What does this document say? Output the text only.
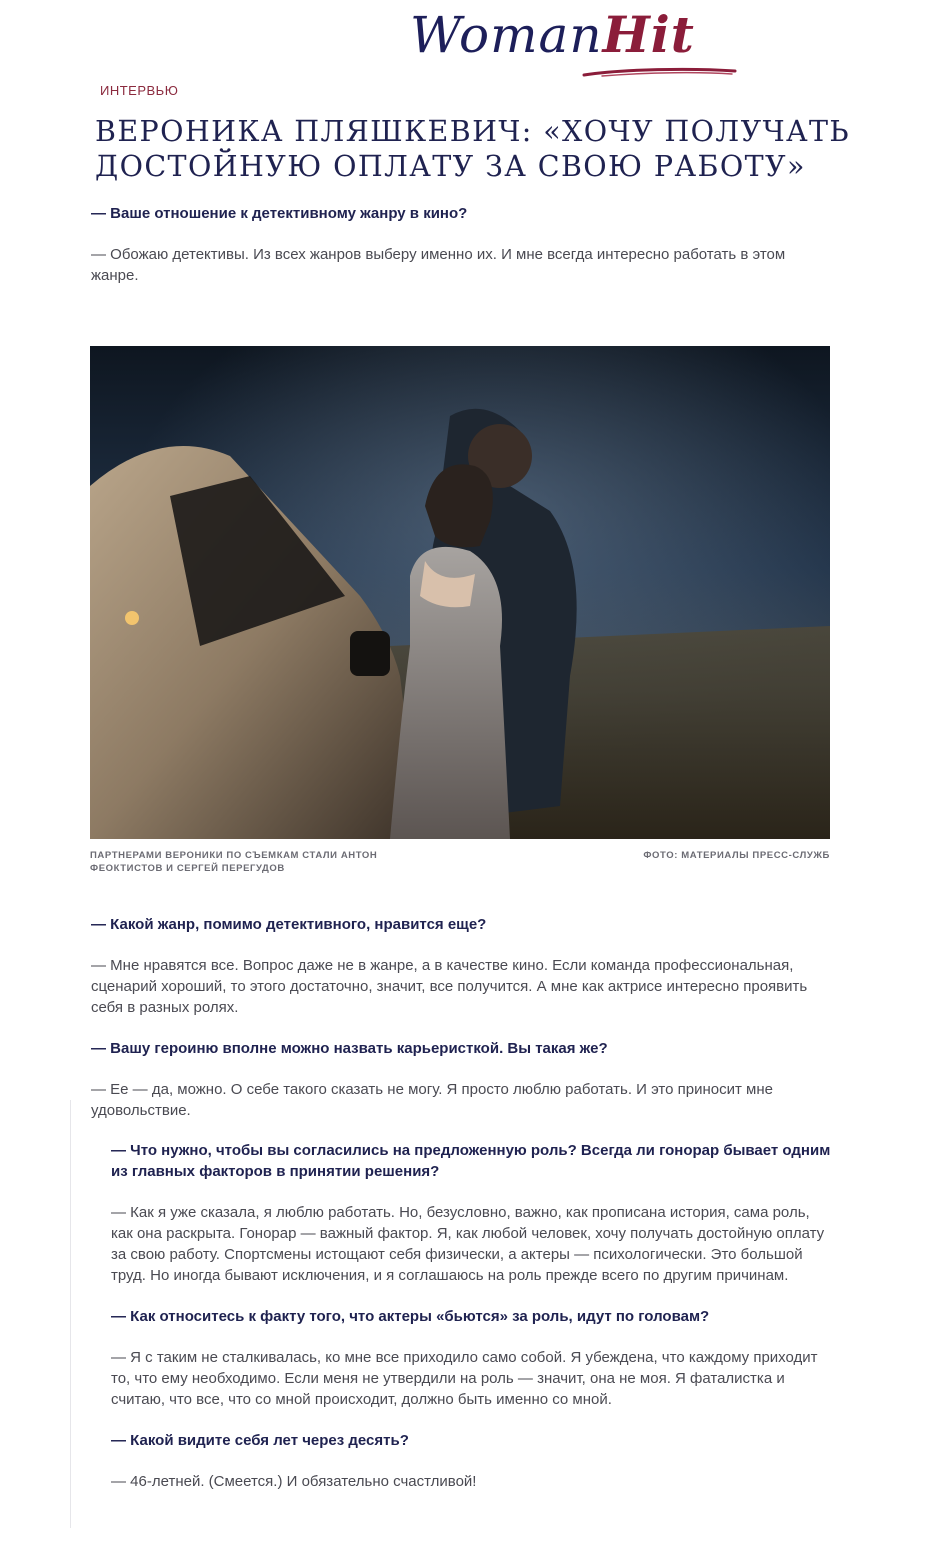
WomanHit
ИНТЕРВЬЮ
ВЕРОНИКА ПЛЯШКЕВИЧ: «ХОЧУ ПОЛУЧАТЬ ДОСТОЙНУЮ ОПЛАТУ ЗА СВОЮ РАБОТУ»

— Ваше отношение к детективному жанру в кино?

— Обожаю детективы. Из всех жанров выберу именно их. И мне всегда интересно работать в этом жанре.

ПАРТНЕРАМИ ВЕРОНИКИ ПО СЪЕМКАМ СТАЛИ АНТОН ФЕОКТИСТОВ И СЕРГЕЙ ПЕРЕГУДОВ
ФОТО: МАТЕРИАЛЫ ПРЕСС-СЛУЖБ

— Какой жанр, помимо детективного, нравится еще?

— Мне нравятся все. Вопрос даже не в жанре, а в качестве кино. Если команда профессиональная, сценарий хороший, то этого достаточно, значит, все получится. А мне как актрисе интересно проявить себя в разных ролях.

— Вашу героиню вполне можно назвать карьеристкой. Вы такая же?

— Ее — да, можно. О себе такого сказать не могу. Я просто люблю работать. И это приносит мне удовольствие.

— Что нужно, чтобы вы согласились на предложенную роль? Всегда ли гонорар бывает одним из главных факторов в принятии решения?

— Как я уже сказала, я люблю работать. Но, безусловно, важно, как прописана история, сама роль, как она раскрыта. Гонорар — важный фактор. Я, как любой человек, хочу получать достойную оплату за свою работу. Спортсмены истощают себя физически, а актеры — психологически. Это большой труд. Но иногда бывают исключения, и я соглашаюсь на роль прежде всего по другим причинам.

— Как относитесь к факту того, что актеры «бьются» за роль, идут по головам?

— Я с таким не сталкивалась, ко мне все приходило само собой. Я убеждена, что каждому приходит то, что ему необходимо. Если меня не утвердили на роль — значит, она не моя. Я фаталистка и считаю, что все, что со мной происходит, должно быть именно со мной.

— Какой видите себя лет через десять?

— 46-летней. (Смеется.) И обязательно счастливой!
